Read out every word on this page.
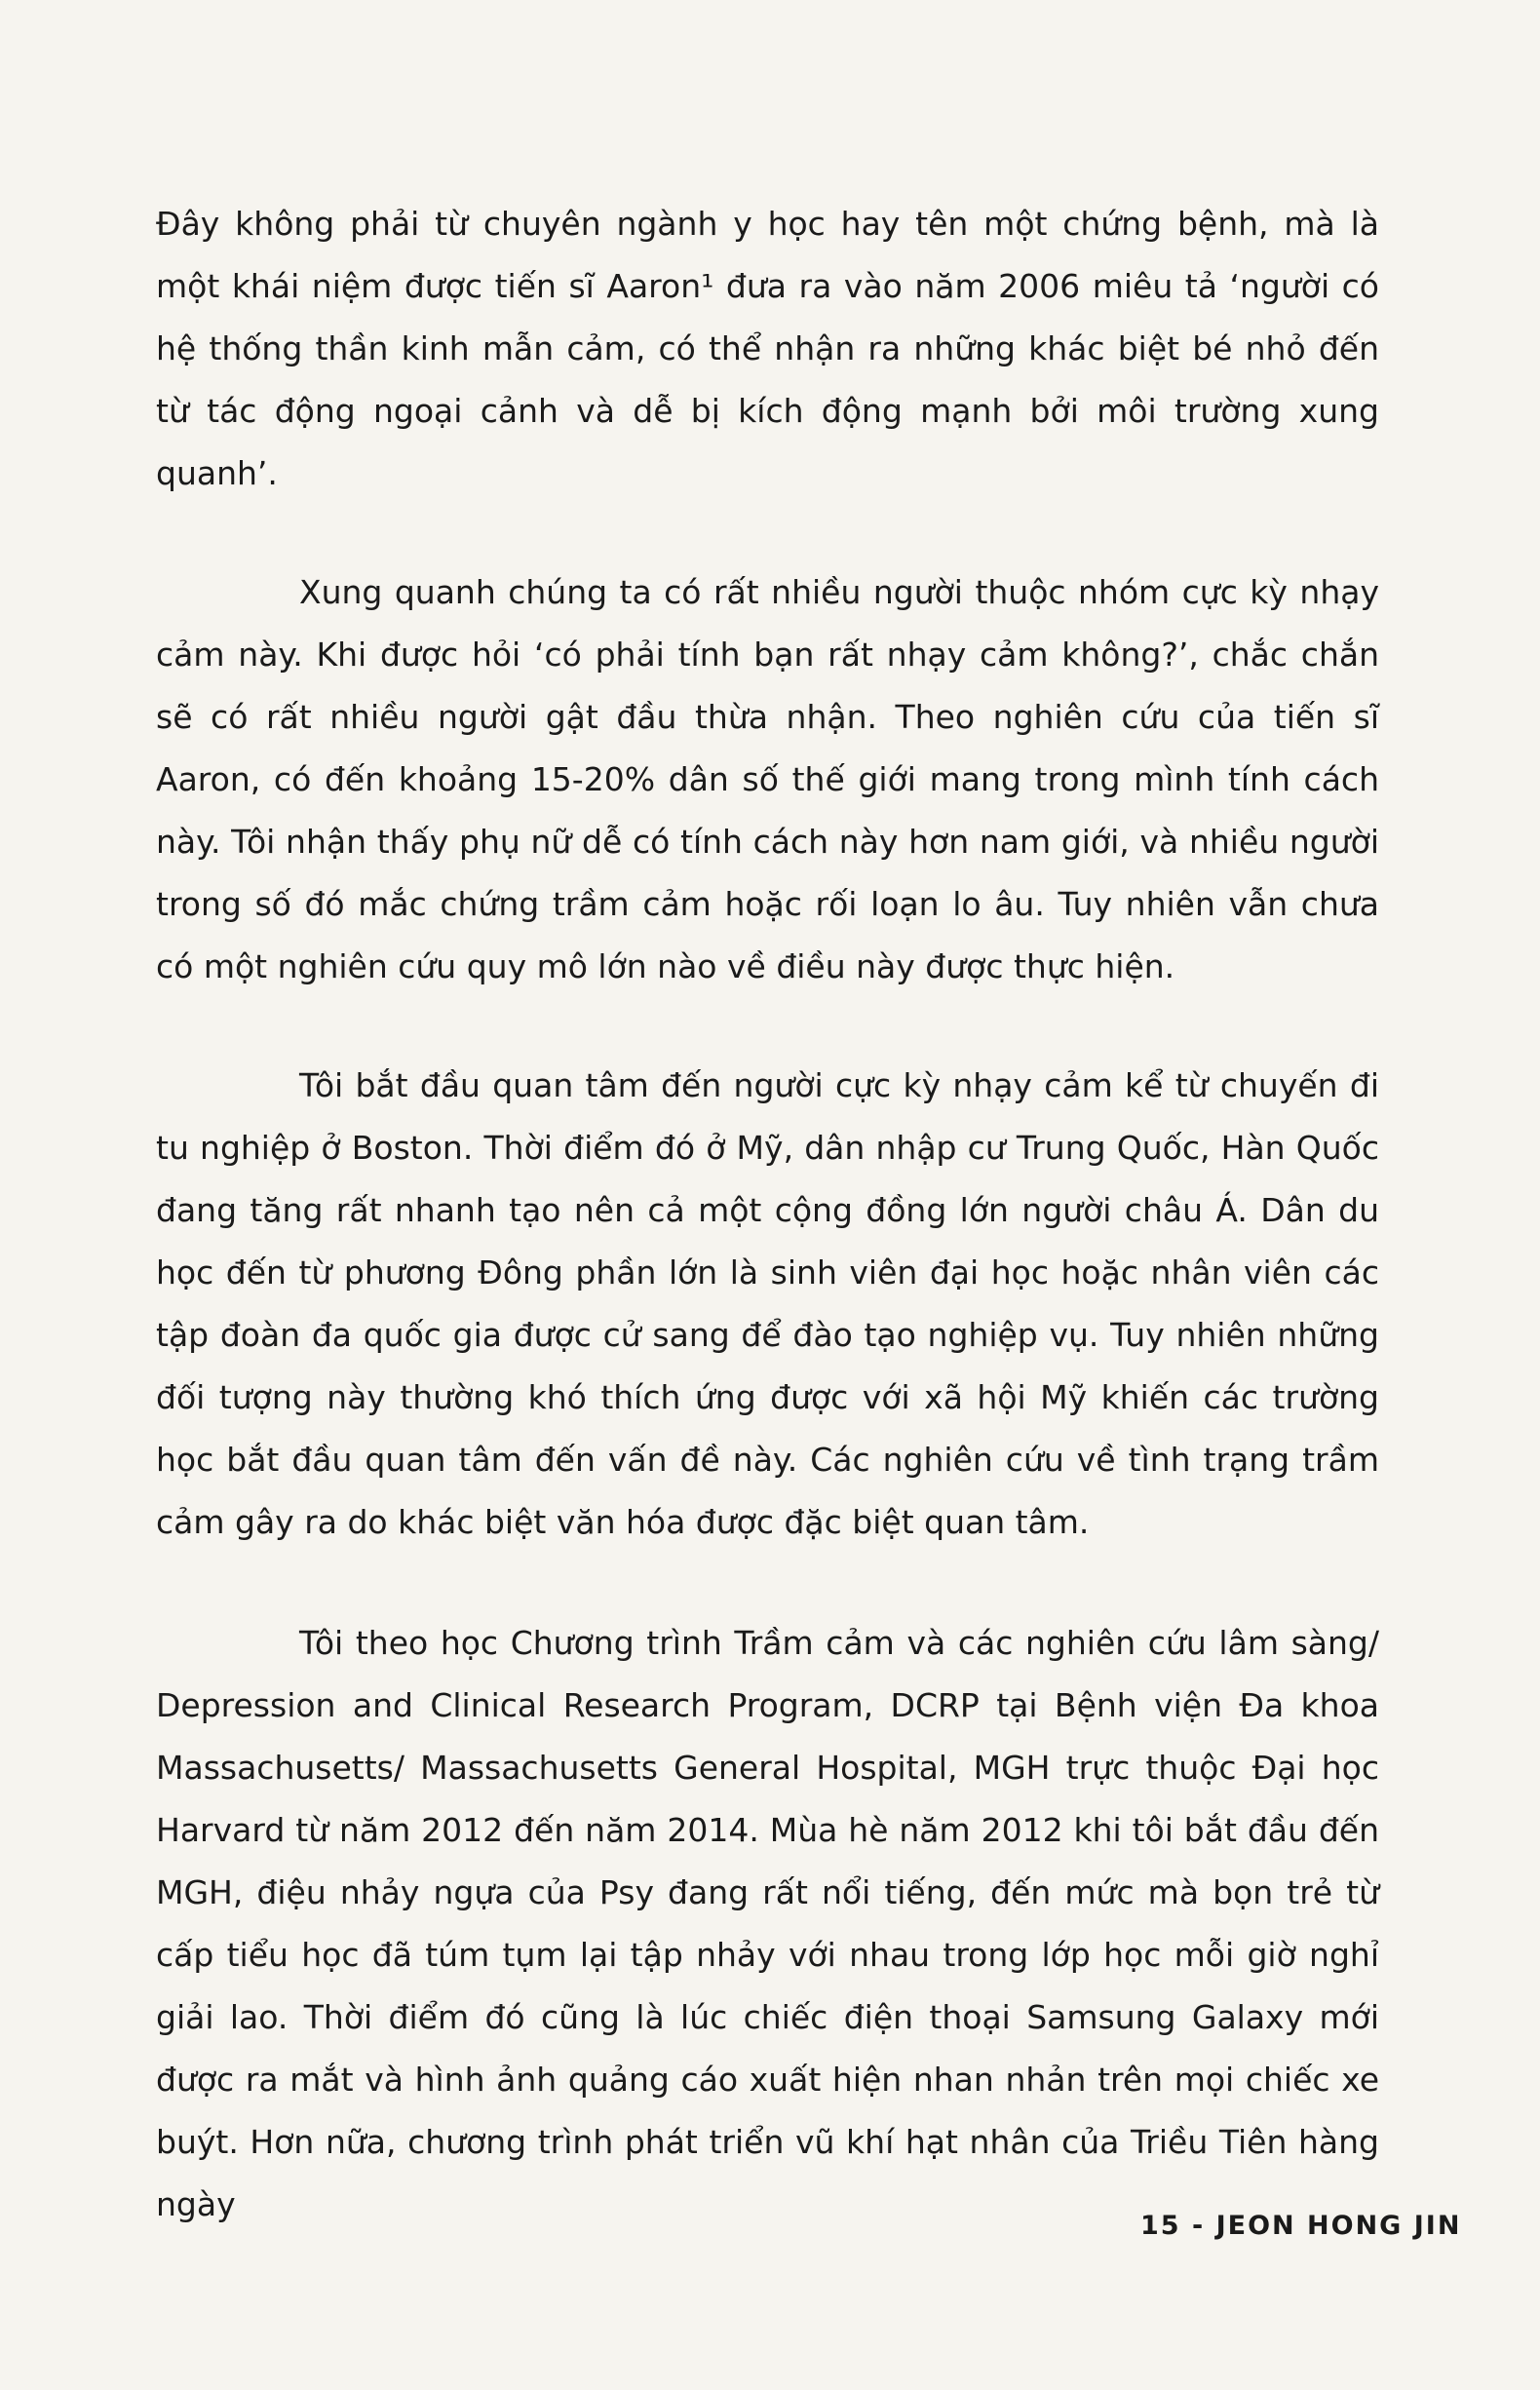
Đây không phải từ chuyên ngành y học hay tên một chứng bệnh, mà là một khái niệm được tiến sĩ Aaron¹ đưa ra vào năm 2006 miêu tả ‘người có hệ thống thần kinh mẫn cảm, có thể nhận ra những khác biệt bé nhỏ đến từ tác động ngoại cảnh và dễ bị kích động mạnh bởi môi trường xung quanh’.

Xung quanh chúng ta có rất nhiều người thuộc nhóm cực kỳ nhạy cảm này. Khi được hỏi ‘có phải tính bạn rất nhạy cảm không?’, chắc chắn sẽ có rất nhiều người gật đầu thừa nhận. Theo nghiên cứu của tiến sĩ Aaron, có đến khoảng 15-20% dân số thế giới mang trong mình tính cách này. Tôi nhận thấy phụ nữ dễ có tính cách này hơn nam giới, và nhiều người trong số đó mắc chứng trầm cảm hoặc rối loạn lo âu. Tuy nhiên vẫn chưa có một nghiên cứu quy mô lớn nào về điều này được thực hiện.

Tôi bắt đầu quan tâm đến người cực kỳ nhạy cảm kể từ chuyến đi tu nghiệp ở Boston. Thời điểm đó ở Mỹ, dân nhập cư Trung Quốc, Hàn Quốc đang tăng rất nhanh tạo nên cả một cộng đồng lớn người châu Á. Dân du học đến từ phương Đông phần lớn là sinh viên đại học hoặc nhân viên các tập đoàn đa quốc gia được cử sang để đào tạo nghiệp vụ. Tuy nhiên những đối tượng này thường khó thích ứng được với xã hội Mỹ khiến các trường học bắt đầu quan tâm đến vấn đề này. Các nghiên cứu về tình trạng trầm cảm gây ra do khác biệt văn hóa được đặc biệt quan tâm.

Tôi theo học Chương trình Trầm cảm và các nghiên cứu lâm sàng/ Depression and Clinical Research Program, DCRP tại Bệnh viện Đa khoa Massachusetts/ Massachusetts General Hospital, MGH trực thuộc Đại học Harvard từ năm 2012 đến năm 2014. Mùa hè năm 2012 khi tôi bắt đầu đến MGH, điệu nhảy ngựa của Psy đang rất nổi tiếng, đến mức mà bọn trẻ từ cấp tiểu học đã túm tụm lại tập nhảy với nhau trong lớp học mỗi giờ nghỉ giải lao. Thời điểm đó cũng là lúc chiếc điện thoại Samsung Galaxy mới được ra mắt và hình ảnh quảng cáo xuất hiện nhan nhản trên mọi chiếc xe buýt. Hơn nữa, chương trình phát triển vũ khí hạt nhân của Triều Tiên hàng ngày

15 - JEON HONG JIN
